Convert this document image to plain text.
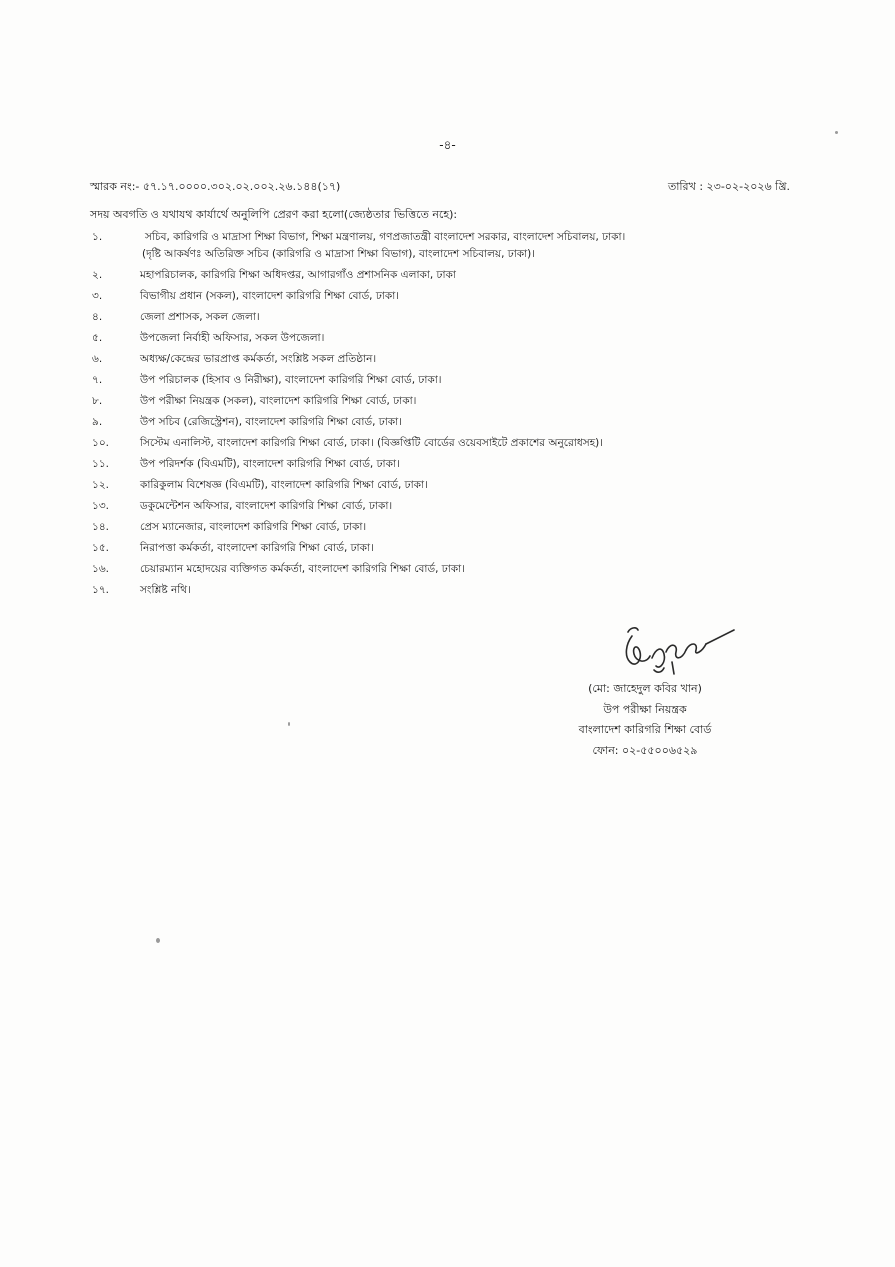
-৪-
স্মারক নং:- ৫৭.১৭.০০০০.৩০২.০২.০০২.২৬.১৪৪(১৭)	তারিখ : ২৩-০২-২০২৬ খ্রি.
সদয় অবগতি ও যথাযথ কার্যার্থে অনুলিপি প্রেরণ করা হলো(জ্যেষ্ঠতার ভিত্তিতে নহে):
১.	সচিব, কারিগরি ও মাদ্রাসা শিক্ষা বিভাগ, শিক্ষা মন্ত্রণালয়, গণপ্রজাতন্ত্রী বাংলাদেশ সরকার, বাংলাদেশ সচিবালয়, ঢাকা।
(দৃষ্টি আকর্ষণঃ অতিরিক্ত সচিব (কারিগরি ও মাদ্রাসা শিক্ষা বিভাগ), বাংলাদেশ সচিবালয়, ঢাকা)।
২.	মহাপরিচালক, কারিগরি শিক্ষা অধিদপ্তর, আগারগাঁও প্রশাসনিক এলাকা, ঢাকা
৩.	বিভাগীয় প্রধান (সকল), বাংলাদেশ কারিগরি শিক্ষা বোর্ড, ঢাকা।
৪.	জেলা প্রশাসক, সকল জেলা।
৫.	উপজেলা নির্বাহী অফিসার, সকল উপজেলা।
৬.	অধ্যক্ষ/কেন্দ্রের ভারপ্রাপ্ত কর্মকর্তা, সংশ্লিষ্ট সকল প্রতিষ্ঠান।
৭.	উপ পরিচালক (হিসাব ও নিরীক্ষা), বাংলাদেশ কারিগরি শিক্ষা বোর্ড, ঢাকা।
৮.	উপ পরীক্ষা নিয়ন্ত্রক (সকল), বাংলাদেশ কারিগরি শিক্ষা বোর্ড, ঢাকা।
৯.	উপ সচিব (রেজিস্ট্রেশন), বাংলাদেশ কারিগরি শিক্ষা বোর্ড, ঢাকা।
১০.	সিস্টেম এনালিস্ট, বাংলাদেশ কারিগরি শিক্ষা বোর্ড, ঢাকা। (বিজ্ঞপ্তিটি বোর্ডের ওয়েবসাইটে প্রকাশের অনুরোধসহ)।
১১.	উপ পরিদর্শক (বিএমটি), বাংলাদেশ কারিগরি শিক্ষা বোর্ড, ঢাকা।
১২.	কারিকুলাম বিশেষজ্ঞ (বিএমটি), বাংলাদেশ কারিগরি শিক্ষা বোর্ড, ঢাকা।
১৩.	ডকুমেন্টেশন অফিসার, বাংলাদেশ কারিগরি শিক্ষা বোর্ড, ঢাকা।
১৪.	প্রেস ম্যানেজার, বাংলাদেশ কারিগরি শিক্ষা বোর্ড, ঢাকা।
১৫.	নিরাপত্তা কর্মকর্তা, বাংলাদেশ কারিগরি শিক্ষা বোর্ড, ঢাকা।
১৬.	চেয়ারম্যান মহোদয়ের ব্যক্তিগত কর্মকর্তা, বাংলাদেশ কারিগরি শিক্ষা বোর্ড, ঢাকা।
১৭.	সংশ্লিষ্ট নথি।
(মো: জাহেদুল কবির খান)
উপ পরীক্ষা নিয়ন্ত্রক
বাংলাদেশ কারিগরি শিক্ষা বোর্ড
ফোন: ০২-৫৫০০৬৫২৯
